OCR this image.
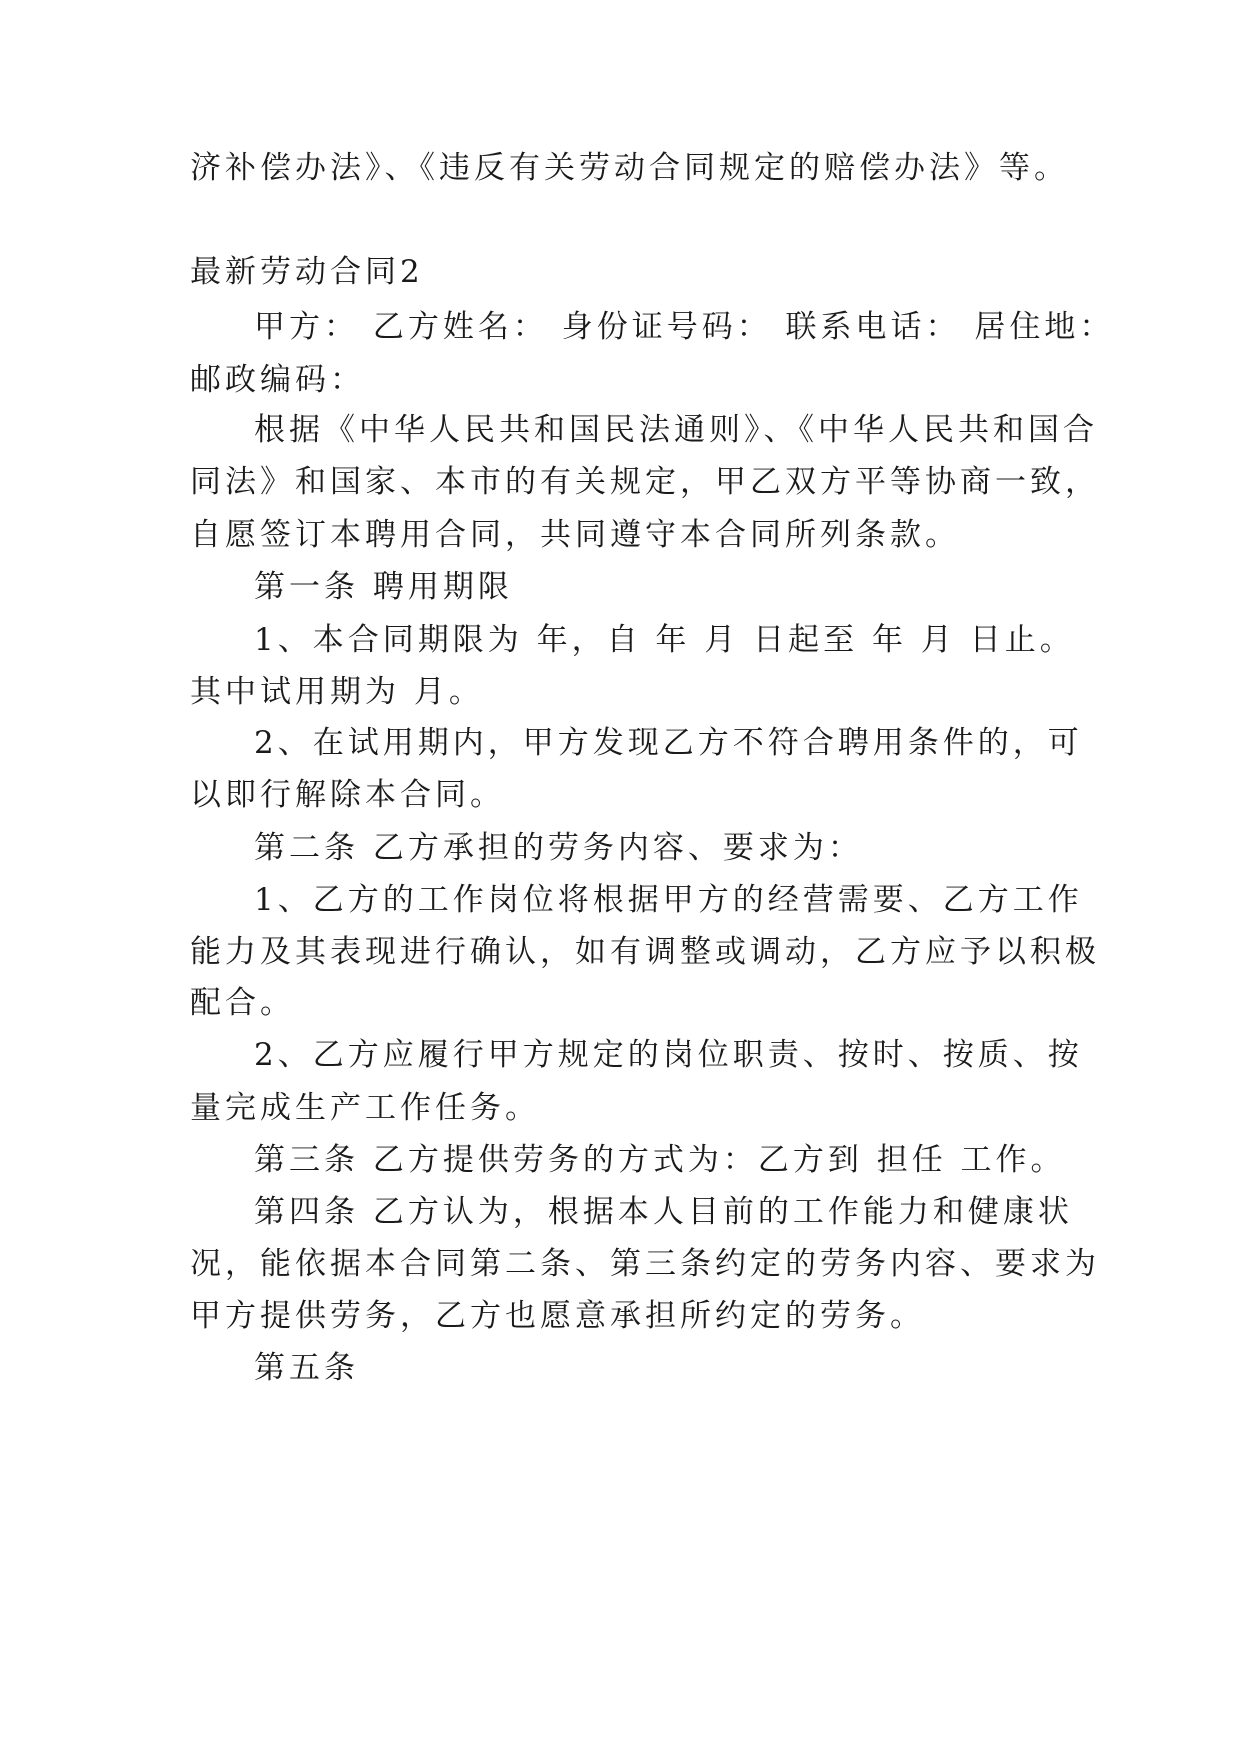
济补偿办法》、《违反有关劳动合同规定的赔偿办法》等。
最新劳动合同2
甲方： 乙方姓名： 身份证号码： 联系电话： 居住地：
邮政编码：
根据《中华人民共和国民法通则》、《中华人民共和国合
同法》和国家、本市的有关规定，甲乙双方平等协商一致，
自愿签订本聘用合同，共同遵守本合同所列条款。
第一条 聘用期限
1、本合同期限为 年，自 年 月 日起至 年 月 日止。
其中试用期为 月。
2、在试用期内，甲方发现乙方不符合聘用条件的，可
以即行解除本合同。
第二条 乙方承担的劳务内容、要求为：
1、乙方的工作岗位将根据甲方的经营需要、乙方工作
能力及其表现进行确认，如有调整或调动，乙方应予以积极
配合。
2、乙方应履行甲方规定的岗位职责、按时、按质、按
量完成生产工作任务。
第三条 乙方提供劳务的方式为：乙方到 担任 工作。
第四条 乙方认为，根据本人目前的工作能力和健康状
况，能依据本合同第二条、第三条约定的劳务内容、要求为
甲方提供劳务，乙方也愿意承担所约定的劳务。
第五条
